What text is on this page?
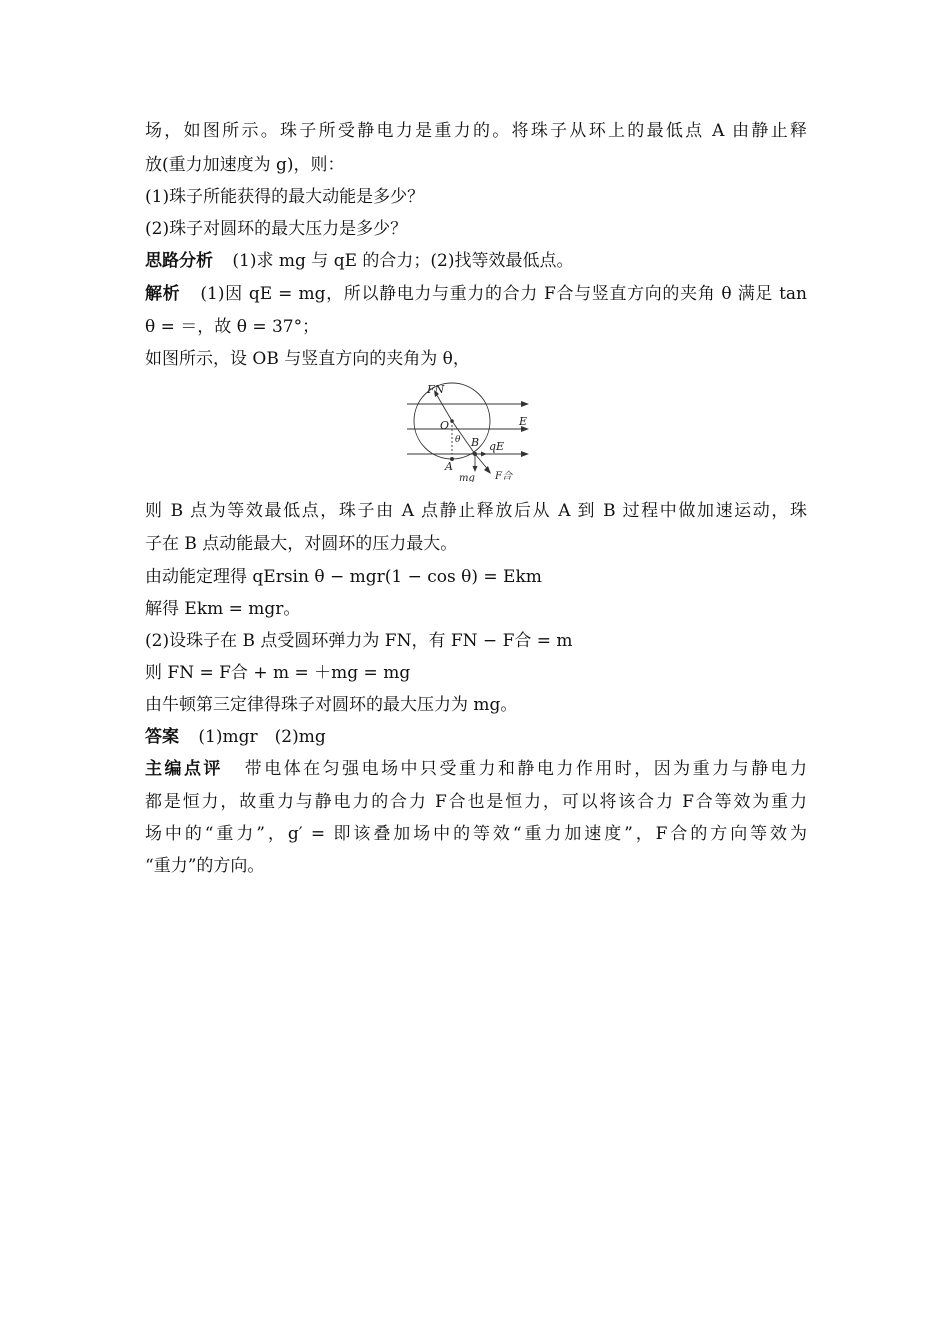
场，如图所示。珠子所受静电力是重力的。将珠子从环上的最低点 A 由静止释
放(重力加速度为 g)，则：
(1)珠子所能获得的最大动能是多少？
(2)珠子对圆环的最大压力是多少？
思路分析 (1)求 mg 与 qE 的合力；(2)找等效最低点。
解析 (1)因 qE = mg，所以静电力与重力的合力 F合与竖直方向的夹角 θ 满足 tan
θ = ＝，故 θ = 37°；
如图所示，设 OB 与竖直方向的夹角为 θ，
FN
O	E
θ B qE
A
mg F合
则 B 点为等效最低点，珠子由 A 点静止释放后从 A 到 B 过程中做加速运动，珠
子在 B 点动能最大，对圆环的压力最大。
由动能定理得 qErsin θ − mgr(1 − cos θ) = Ekm
解得 Ekm = mgr。
(2)设珠子在 B 点受圆环弹力为 FN，有 FN − F合 = m
则 FN = F合 + m = ＋mg = mg
由牛顿第三定律得珠子对圆环的最大压力为 mg。
答案 (1)mgr　(2)mg
主编点评 带电体在匀强电场中只受重力和静电力作用时，因为重力与静电力
都是恒力，故重力与静电力的合力 F合也是恒力，可以将该合力 F合等效为重力
场中的“重力”，g′ = 即该叠加场中的等效“重力加速度”，F合的方向等效为
“重力”的方向。
